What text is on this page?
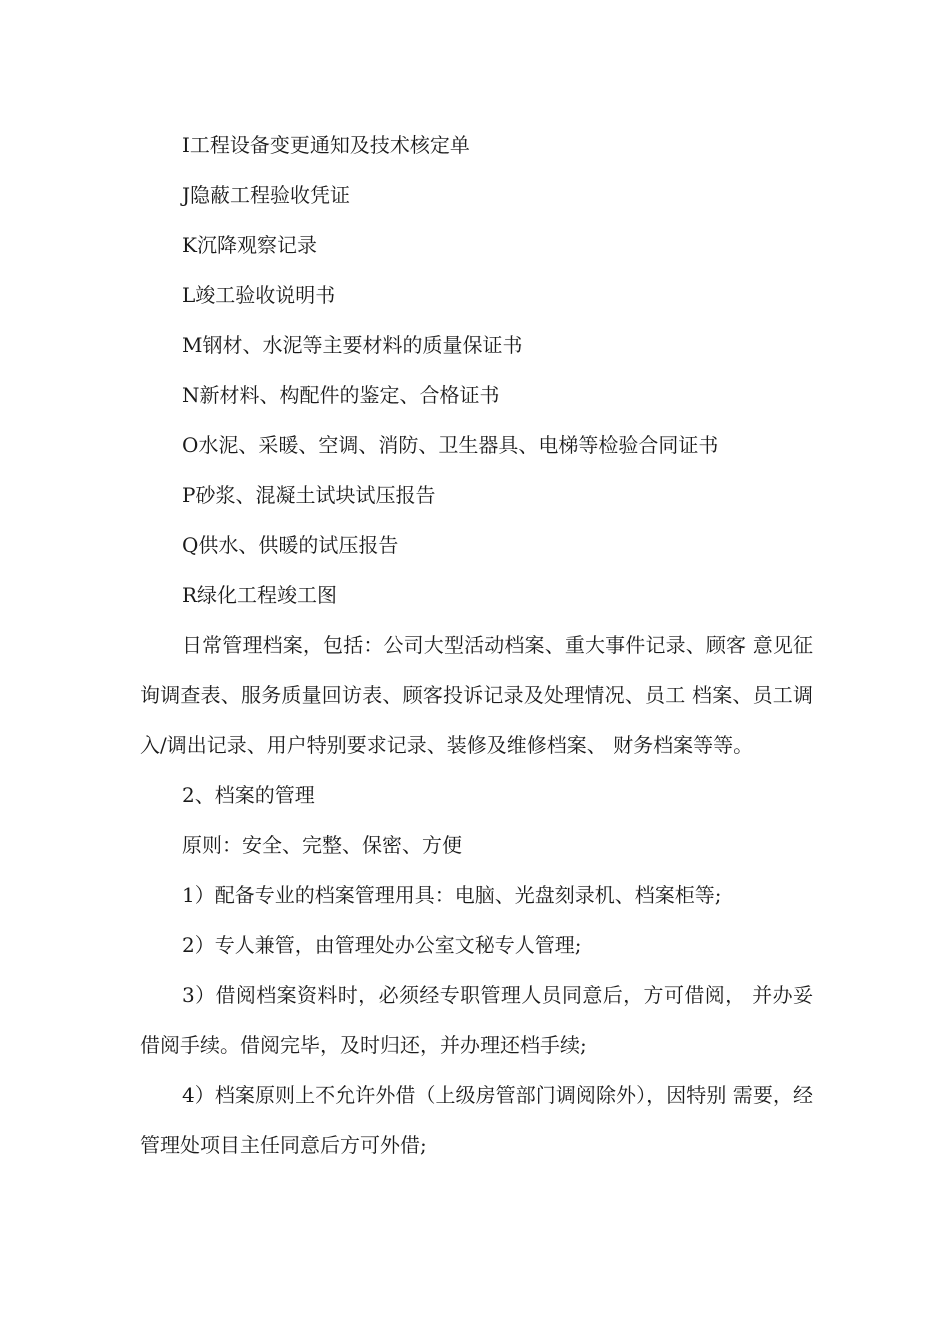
I工程设备变更通知及技术核定单
J隐蔽工程验收凭证
K沉降观察记录
L竣工验收说明书
M钢材、水泥等主要材料的质量保证书
N新材料、构配件的鉴定、合格证书
O水泥、采暖、空调、消防、卫生器具、电梯等检验合同证书
P砂浆、混凝土试块试压报告
Q供水、供暖的试压报告
R绿化工程竣工图

日常管理档案，包括：公司大型活动档案、重大事件记录、顾客 意见征询调查表、服务质量回访表、顾客投诉记录及处理情况、员工 档案、员工调入/调出记录、用户特别要求记录、装修及维修档案、 财务档案等等。

2、档案的管理
原则：安全、完整、保密、方便

1）配备专业的档案管理用具：电脑、光盘刻录机、档案柜等;

2）专人兼管，由管理处办公室文秘专人管理;

3）借阅档案资料时，必须经专职管理人员同意后，方可借阅， 并办妥借阅手续。借阅完毕，及时归还，并办理还档手续;

4）档案原则上不允许外借（上级房管部门调阅除外），因特别 需要，经管理处项目主任同意后方可外借;
